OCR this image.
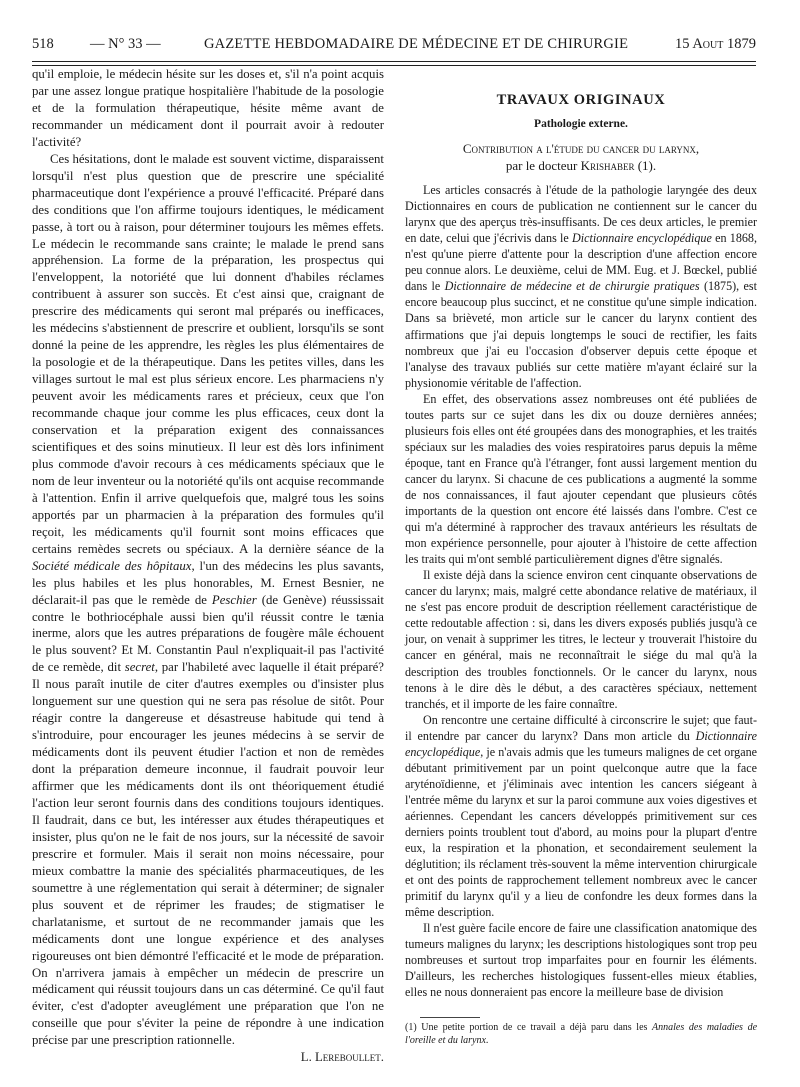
518	— N° 33 —	GAZETTE HEBDOMADAIRE DE MÉDECINE ET DE CHIRURGIE	15 Aout 1879

qu'il emploie, le médecin hésite sur les doses et, s'il n'a point acquis par une assez longue pratique hospitalière l'habitude de la posologie et de la formulation thérapeutique, hésite même avant de recommander un médicament dont il pourrait avoir à redouter l'activité?

Ces hésitations, dont le malade est souvent victime, disparaissent lorsqu'il n'est plus question que de prescrire une spécialité pharmaceutique dont l'expérience a prouvé l'efficacité. Préparé dans des conditions que l'on affirme toujours identiques, le médicament passe, à tort ou à raison, pour déterminer toujours les mêmes effets. Le médecin le recommande sans crainte; le malade le prend sans appréhension. La forme de la préparation, les prospectus qui l'enveloppent, la notoriété que lui donnent d'habiles réclames contribuent à assurer son succès. Et c'est ainsi que, craignant de prescrire des médicaments qui seront mal préparés ou inefficaces, les médecins s'abstiennent de prescrire et oublient, lorsqu'ils se sont donné la peine de les apprendre, les règles les plus élémentaires de la posologie et de la thérapeutique. Dans les petites villes, dans les villages surtout le mal est plus sérieux encore. Les pharmaciens n'y peuvent avoir les médicaments rares et précieux, ceux que l'on recommande chaque jour comme les plus efficaces, ceux dont la conservation et la préparation exigent des connaissances scientifiques et des soins minutieux. Il leur est dès lors infiniment plus commode d'avoir recours à ces médicaments spéciaux que le nom de leur inventeur ou la notoriété qu'ils ont acquise recommande à l'attention. Enfin il arrive quelquefois que, malgré tous les soins apportés par un pharmacien à la préparation des formules qu'il reçoit, les médicaments qu'il fournit sont moins efficaces que certains remèdes secrets ou spéciaux. A la dernière séance de la Société médicale des hôpitaux, l'un des médecins les plus savants, les plus habiles et les plus honorables, M. Ernest Besnier, ne déclarait-il pas que le remède de Peschier (de Genève) réussissait contre le bothriocéphale aussi bien qu'il réussit contre le tænia inerme, alors que les autres préparations de fougère mâle échouent le plus souvent? Et M. Constantin Paul n'expliquait-il pas l'activité de ce remède, dit secret, par l'habileté avec laquelle il était préparé? Il nous paraît inutile de citer d'autres exemples ou d'insister plus longuement sur une question qui ne sera pas résolue de sitôt. Pour réagir contre la dangereuse et désastreuse habitude qui tend à s'introduire, pour encourager les jeunes médecins à se servir de médicaments dont ils peuvent étudier l'action et non de remèdes dont la préparation demeure inconnue, il faudrait pouvoir leur affirmer que les médicaments dont ils ont théoriquement étudié l'action leur seront fournis dans des conditions toujours identiques. Il faudrait, dans ce but, les intéresser aux études thérapeutiques et insister, plus qu'on ne le fait de nos jours, sur la nécessité de savoir prescrire et formuler. Mais il serait non moins nécessaire, pour mieux combattre la manie des spécialités pharmaceutiques, de les soumettre à une réglementation qui serait à déterminer; de signaler plus souvent et de réprimer les fraudes; de stigmatiser le charlatanisme, et surtout de ne recommander jamais que les médicaments dont une longue expérience et des analyses rigoureuses ont bien démontré l'efficacité et le mode de préparation. On n'arrivera jamais à empêcher un médecin de prescrire un médicament qui réussit toujours dans un cas déterminé. Ce qu'il faut éviter, c'est d'adopter aveuglément une préparation que l'on ne conseille que pour s'éviter la peine de répondre à une indication précise par une prescription rationnelle.

L. Lereboullet.

TRAVAUX ORIGINAUX
Pathologie externe.
Contribution a l'étude du cancer du larynx,
par le docteur Krishaber (1).

Les articles consacrés à l'étude de la pathologie laryngée des deux Dictionnaires en cours de publication ne contiennent sur le cancer du larynx que des aperçus très-insuffisants. De ces deux articles, le premier en date, celui que j'écrivis dans le Dictionnaire encyclopédique en 1868, n'est qu'une pierre d'attente pour la description d'une affection encore peu connue alors. Le deuxième, celui de MM. Eug. et J. Bœckel, publié dans le Dictionnaire de médecine et de chirurgie pratiques (1875), est encore beaucoup plus succinct, et ne constitue qu'une simple indication. Dans sa brièveté, mon article sur le cancer du larynx contient des affirmations que j'ai depuis longtemps le souci de rectifier, les faits nombreux que j'ai eu l'occasion d'observer depuis cette époque et l'analyse des travaux publiés sur cette matière m'ayant éclairé sur la physionomie véritable de l'affection.

En effet, des observations assez nombreuses ont été publiées de toutes parts sur ce sujet dans les dix ou douze dernières années; plusieurs fois elles ont été groupées dans des monographies, et les traités spéciaux sur les maladies des voies respiratoires parus depuis la même époque, tant en France qu'à l'étranger, font aussi largement mention du cancer du larynx. Si chacune de ces publications a augmenté la somme de nos connaissances, il faut ajouter cependant que plusieurs côtés importants de la question ont encore été laissés dans l'ombre. C'est ce qui m'a déterminé à rapprocher des travaux antérieurs les résultats de mon expérience personnelle, pour ajouter à l'histoire de cette affection les traits qui m'ont semblé particulièrement dignes d'être signalés.

Il existe déjà dans la science environ cent cinquante observations de cancer du larynx; mais, malgré cette abondance relative de matériaux, il ne s'est pas encore produit de description réellement caractéristique de cette redoutable affection : si, dans les divers exposés publiés jusqu'à ce jour, on venait à supprimer les titres, le lecteur y trouverait l'histoire du cancer en général, mais ne reconnaîtrait le siége du mal qu'à la description des troubles fonctionnels. Or le cancer du larynx, nous tenons à le dire dès le début, a des caractères spéciaux, nettement tranchés, et il importe de les faire connaître.

On rencontre une certaine difficulté à circonscrire le sujet; que faut-il entendre par cancer du larynx? Dans mon article du Dictionnaire encyclopédique, je n'avais admis que les tumeurs malignes de cet organe débutant primitivement par un point quelconque autre que la face aryténoïdienne, et j'éliminais avec intention les cancers siégeant à l'entrée même du larynx et sur la paroi commune aux voies digestives et aériennes. Cependant les cancers développés primitivement sur ces derniers points troublent tout d'abord, au moins pour la plupart d'entre eux, la respiration et la phonation, et secondairement seulement la déglutition; ils réclament très-souvent la même intervention chirurgicale et ont des points de rapprochement tellement nombreux avec le cancer primitif du larynx qu'il y a lieu de confondre les deux formes dans la même description.

Il n'est guère facile encore de faire une classification anatomique des tumeurs malignes du larynx; les descriptions histologiques sont trop peu nombreuses et surtout trop imparfaites pour en fournir les éléments. D'ailleurs, les recherches histologiques fussent-elles mieux établies, elles ne nous donneraient pas encore la meilleure base de division

(1) Une petite portion de ce travail a déjà paru dans les Annales des maladies de l'oreille et du larynx.
